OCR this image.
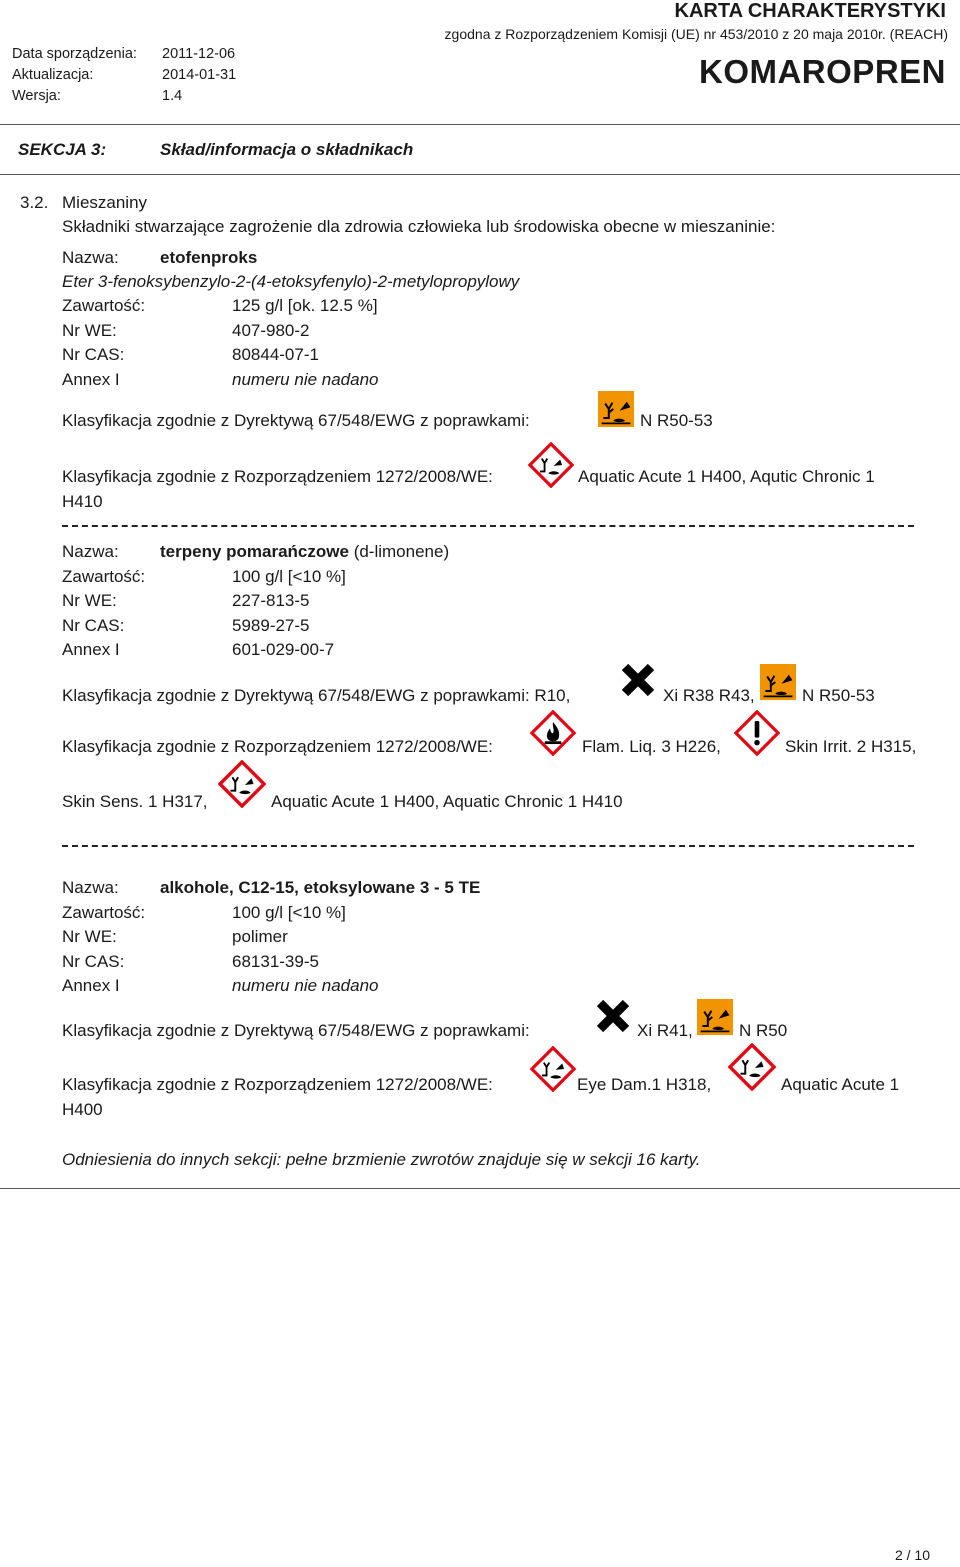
Data sporządzenia: 2011-12-06
Aktualizacja:	2014-01-31
Wersja:	1.4
KARTA CHARAKTERYSTYKI
zgodna z Rozporządzeniem Komisji (UE) nr 453/2010 z 20 maja 2010r. (REACH)
KOMAROPREN
SEKCJA 3:	Skład/informacja o składnikach
3.2. Mieszaniny
Składniki stwarzające zagrożenie dla zdrowia człowieka lub środowiska obecne w mieszaninie:
Nazwa: etofenproks
Eter 3-fenoksybenzylo-2-(4-etoksyfenylo)-2-metylopropylowy
Zawartość:	125 g/l [ok. 12.5 %]
Nr WE:	407-980-2
Nr CAS:	80844-07-1
Annex I	numeru nie nadano
Klasyfikacja zgodnie z Dyrektywą 67/548/EWG z poprawkami:	N R50-53
Klasyfikacja zgodnie z Rozporządzeniem 1272/2008/WE:	Aquatic Acute 1 H400, Aqutic Chronic 1
H410
Nazwa: terpeny pomarańczowe (d-limonene)
Zawartość:	100 g/l [<10 %]
Nr WE:	227-813-5
Nr CAS:	5989-27-5
Annex I	601-029-00-7
Klasyfikacja zgodnie z Dyrektywą 67/548/EWG z poprawkami: R10,	Xi R38 R43,	N R50-53
Klasyfikacja zgodnie z Rozporządzeniem 1272/2008/WE:	Flam. Liq. 3 H226,	Skin Irrit. 2 H315,
Skin Sens. 1 H317,	Aquatic Acute 1 H400, Aquatic Chronic 1 H410
Nazwa: alkohole, C12-15, etoksylowane 3 - 5 TE
Zawartość:	100 g/l [<10 %]
Nr WE:	polimer
Nr CAS:	68131-39-5
Annex I	numeru nie nadano
Klasyfikacja zgodnie z Dyrektywą 67/548/EWG z poprawkami:	Xi R41,	N R50
Klasyfikacja zgodnie z Rozporządzeniem 1272/2008/WE:	Eye Dam.1 H318,	Aquatic Acute 1
H400
Odniesienia do innych sekcji: pełne brzmienie zwrotów znajduje się w sekcji 16 karty.
2 / 10
